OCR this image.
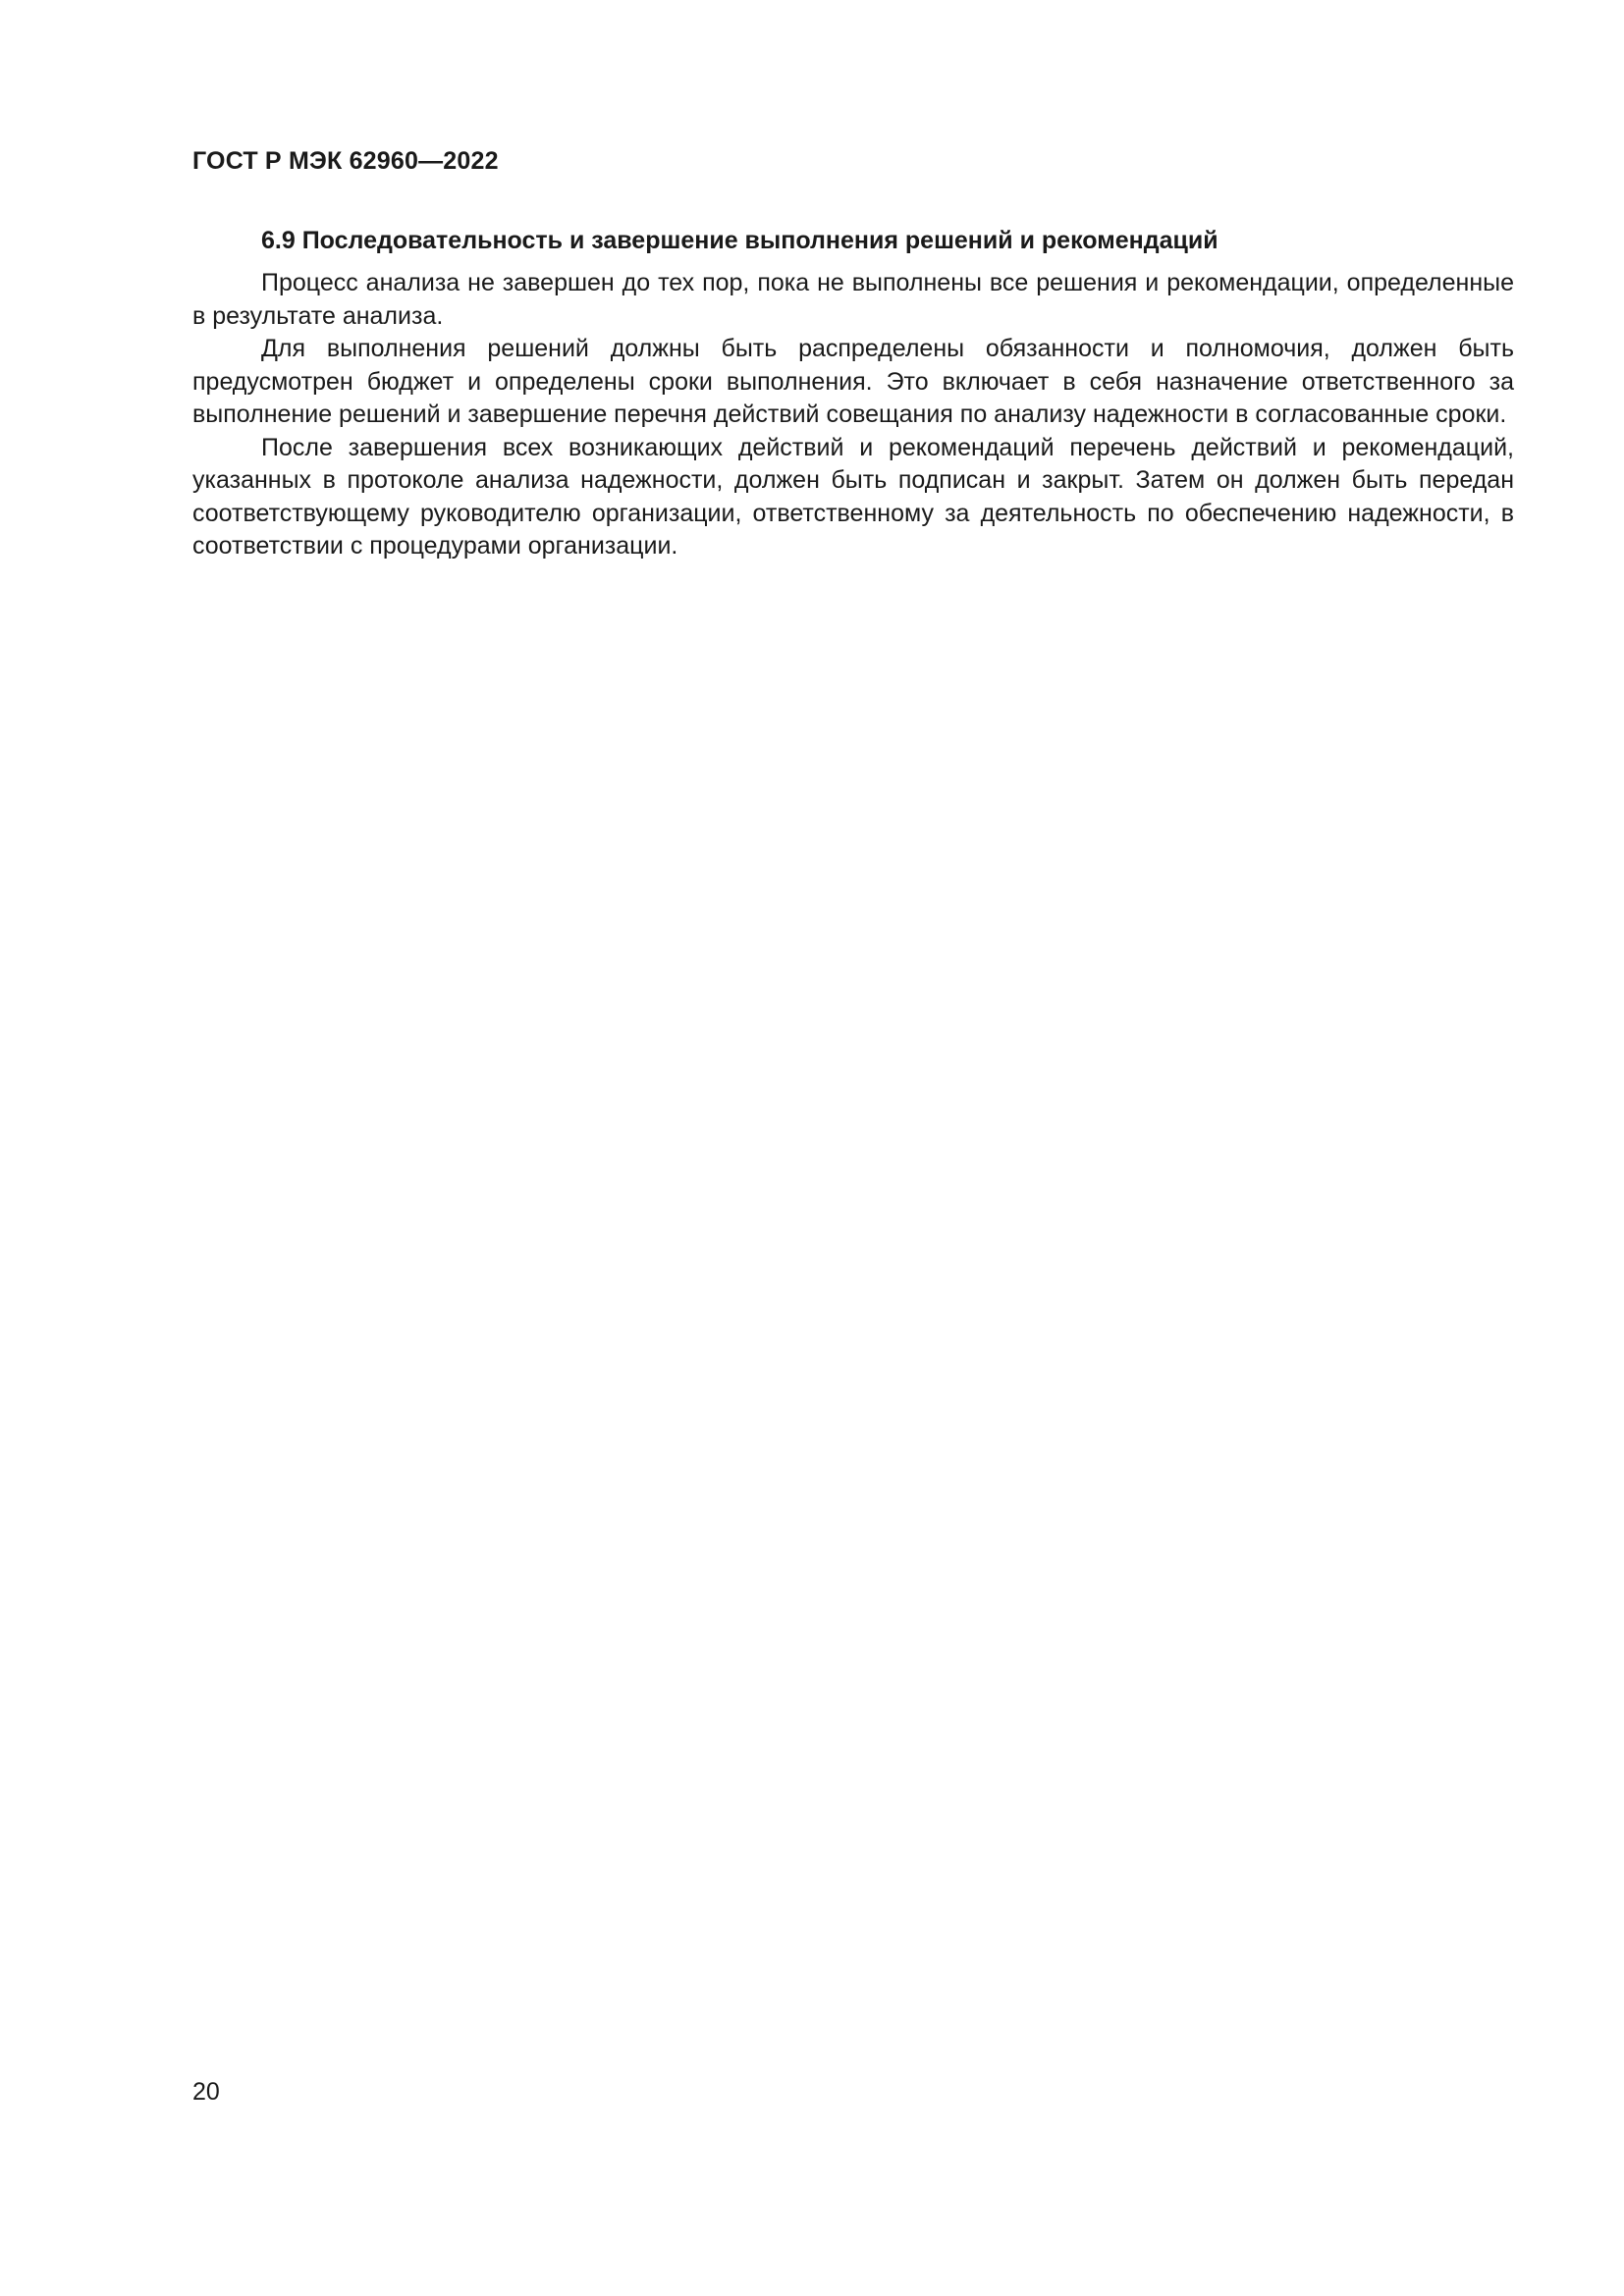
ГОСТ Р МЭК 62960—2022
6.9 Последовательность и завершение выполнения решений и рекомендаций

Процесс анализа не завершен до тех пор, пока не выполнены все решения и рекомендации, определенные в результате анализа.

Для выполнения решений должны быть распределены обязанности и полномочия, должен быть предусмотрен бюджет и определены сроки выполнения. Это включает в себя назначение ответственного за выполнение решений и завершение перечня действий совещания по анализу надежности в согласованные сроки.

После завершения всех возникающих действий и рекомендаций перечень действий и рекомендаций, указанных в протоколе анализа надежности, должен быть подписан и закрыт. Затем он должен быть передан соответствующему руководителю организации, ответственному за деятельность по обеспечению надежности, в соответствии с процедурами организации.

20
